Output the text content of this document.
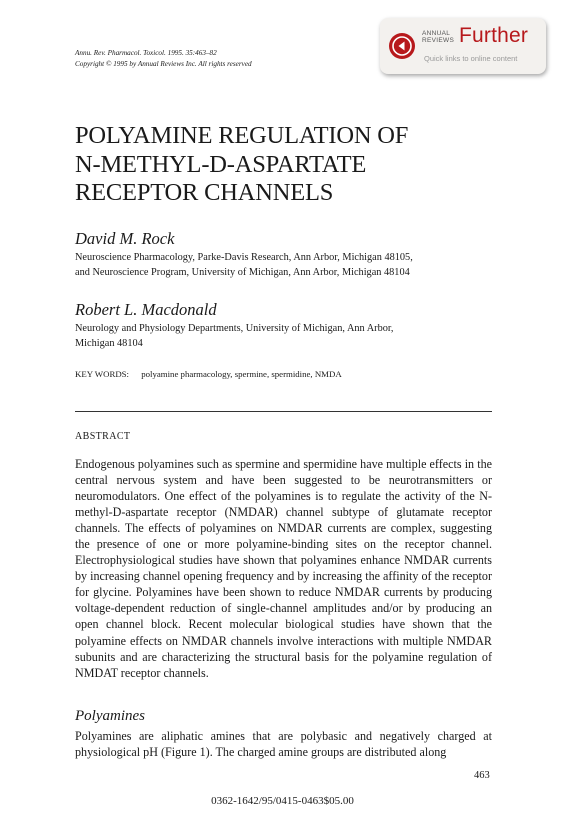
Annu. Rev. Pharmacol. Toxicol. 1995. 35:463–82
Copyright © 1995 by Annual Reviews Inc. All rights reserved
ANNUAL
REVIEWS Further
Quick links to online content
POLYAMINE REGULATION OF
N-METHYL-D-ASPARTATE
RECEPTOR CHANNELS
David M. Rock
Neuroscience Pharmacology, Parke-Davis Research, Ann Arbor, Michigan 48105,
and Neuroscience Program, University of Michigan, Ann Arbor, Michigan 48104
Robert L. Macdonald
Neurology and Physiology Departments, University of Michigan, Ann Arbor,
Michigan 48104
KEY WORDS: polyamine pharmacology, spermine, spermidine, NMDA
ABSTRACT
Endogenous polyamines such as spermine and spermidine have multiple effects in the central nervous system and have been suggested to be neurotransmitters or neuromodulators. One effect of the polyamines is to regulate the activity of the N-methyl-D-aspartate receptor (NMDAR) channel subtype of glutamate receptor channels. The effects of polyamines on NMDAR currents are complex, suggesting the presence of one or more polyamine-binding sites on the receptor channel. Electrophysiological studies have shown that polyamines enhance NMDAR currents by increasing channel opening frequency and by increasing the affinity of the receptor for glycine. Polyamines have been shown to reduce NMDAR currents by producing voltage-dependent reduction of single-channel amplitudes and/or by producing an open channel block. Recent molecular biological studies have shown that the polyamine effects on NMDAR channels involve interactions with multiple NMDAR subunits and are characterizing the structural basis for the polyamine regulation of NMDAT receptor channels.
Polyamines
Polyamines are aliphatic amines that are polybasic and negatively charged at physiological pH (Figure 1). The charged amine groups are distributed along
463
0362-1642/95/0415-0463$05.00
